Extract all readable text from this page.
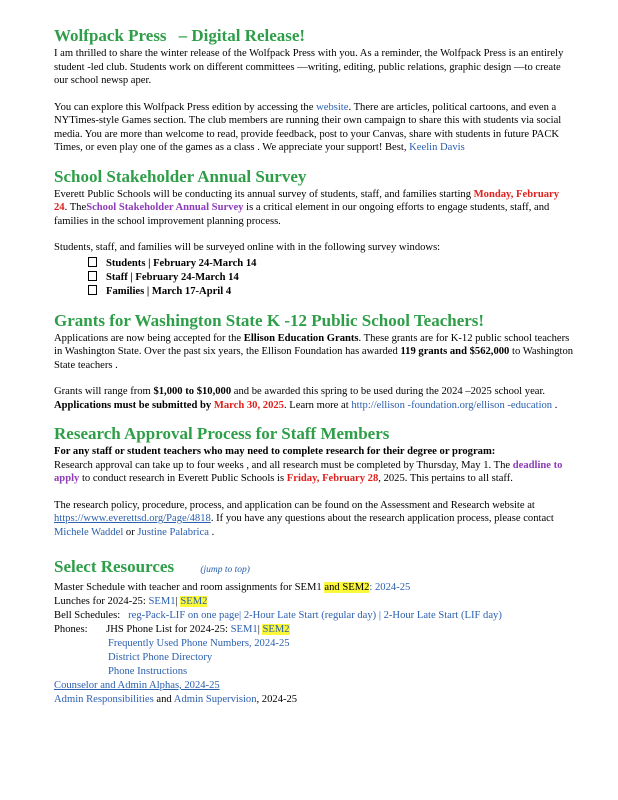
Wolfpack Press – Digital Release!

I am thrilled to share the winter release of the Wolfpack Press with you. As a reminder, the Wolfpack Press is an entirely student -led club. Students work on different committees —writing, editing, public relations, graphic design —to create our school newsp aper.

You can explore this Wolfpack Press edition by accessing the website. There are articles, political cartoons, and even a NYTimes-style Games section. The club members are running their own campaign to share this with students via social media. You are more than welcome to read, provide feedback, post to your Canvas, share with students in future PACK Times, or even play one of the games as a class . We appreciate your support! Best, Keelin Davis

School Stakeholder Annual Survey

Everett Public Schools will be conducting its annual survey of students, staff, and families starting Monday, February 24. TheSchool Stakeholder Annual Survey is a critical element in our ongoing efforts to engage students, staff, and families in the school improvement planning process.

Students, staff, and families will be surveyed online with in the following survey windows:

Students | February 24-March 14
Staff | February 24-March 14
Families | March 17-April 4
Grants for Washington State K -12 Public School Teachers!

Applications are now being accepted for the Ellison Education Grants. These grants are for K-12 public school teachers in Washington State. Over the past six years, the Ellison Foundation has awarded 119 grants and $562,000 to Washington State teachers .

Grants will range from $1,000 to $10,000 and be awarded this spring to be used during the 2024 –2025 school year. Applications must be submitted by March 30, 2025. Learn more at http://ellison -foundation.org/ellison -education .

Research Approval Process for Staff Members

For any staff or student teachers who may need to complete research for their degree or program:

Research approval can take up to four weeks , and all research must be completed by Thursday, May 1. The deadline to apply to conduct research in Everett Public Schools is Friday, February 28, 2025. This pertains to all staff.

The research policy, procedure, process, and application can be found on the Assessment and Research website at https://www.everettsd.org/Page/4818. If you have any questions about the research application process, please contact Michele Waddel or Justine Palabrica .

Select Resources	(jump to top)

Master Schedule with teacher and room assignments for SEM1 and SEM2: 2024-25

Lunches for 2024-25: SEM1| SEM2

Bell Schedules: reg-Pack-LIF on one page| 2-Hour Late Start (regular day) | 2-Hour Late Start (LIF day)

Phones: JHS Phone List for 2024-25: SEM1| SEM2

Frequently Used Phone Numbers, 2024-25

District Phone Directory

Phone Instructions

Counselor and Admin Alphas, 2024-25

Admin Responsibilities and Admin Supervision, 2024-25
